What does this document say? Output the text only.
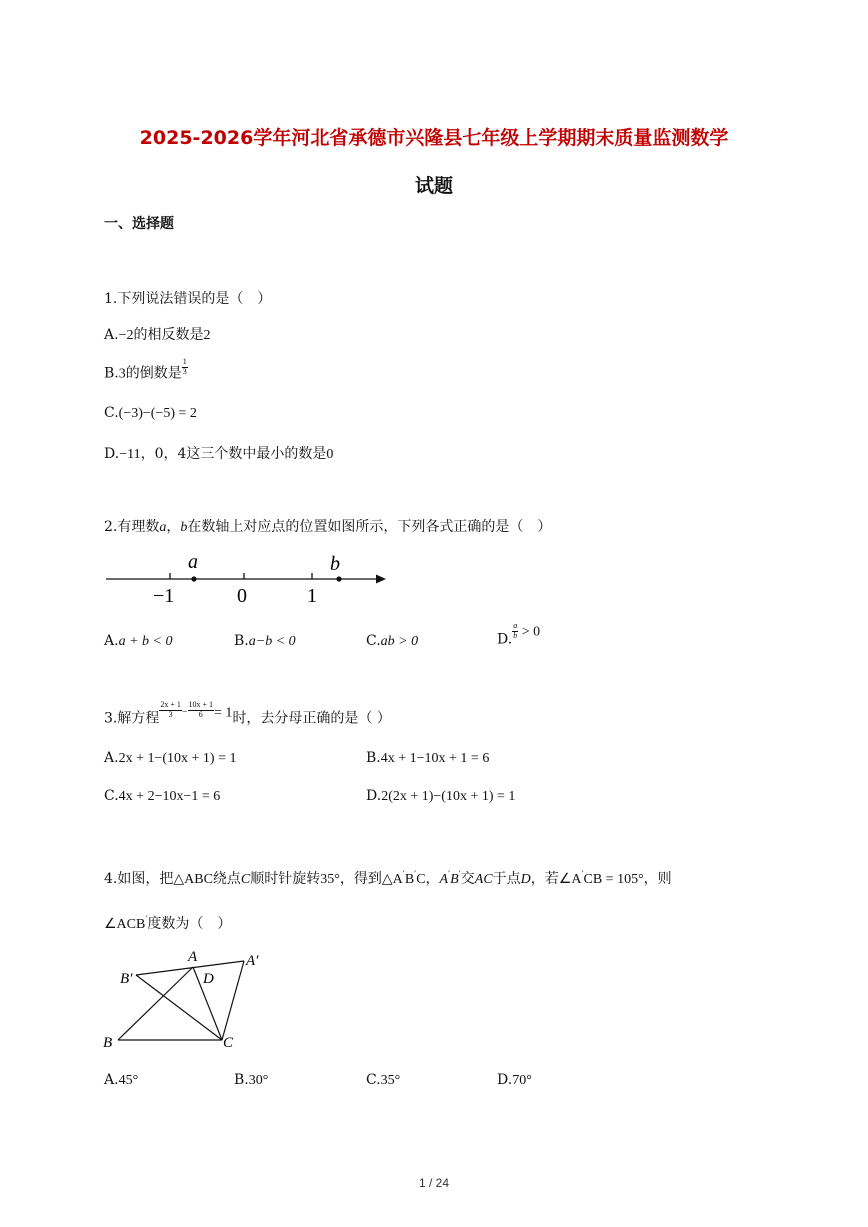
2025-2026学年河北省承德市兴隆县七年级上学期期末质量监测数学
试题
一、选择题
1.下列说法错误的是（　）
A.−2的相反数是2
B.3的倒数是 $\frac{1}{3}$
C.(−3)−(−5) = 2
D.−11，0，4这三个数中最小的数是0
2.有理数a，b在数轴上对应点的位置如图所示，下列各式正确的是（　）
a	b
−1	0	1
A.a + b < 0	B.a−b < 0	C.ab > 0	D. $\frac{a}{b} > 0$
3.解方程 $\frac{2x + 1}{3} - \frac{10x + 1}{6} = 1$时，去分母正确的是（ ）
A.2x + 1−(10x + 1) = 1	B.4x + 1−10x + 1 = 6
C.4x + 2−10x−1 = 6	D.2(2x + 1)−(10x + 1) = 1
4.如图，把△ABC绕点C顺时针旋转35°，得到△A′B′C，A′B′交AC于点D，若∠A′CB = 105°，则
∠ACB′度数为（　）
A	A′
B′	D
B	C
A.45°	B.30°	C.35°	D.70°
1 / 24
